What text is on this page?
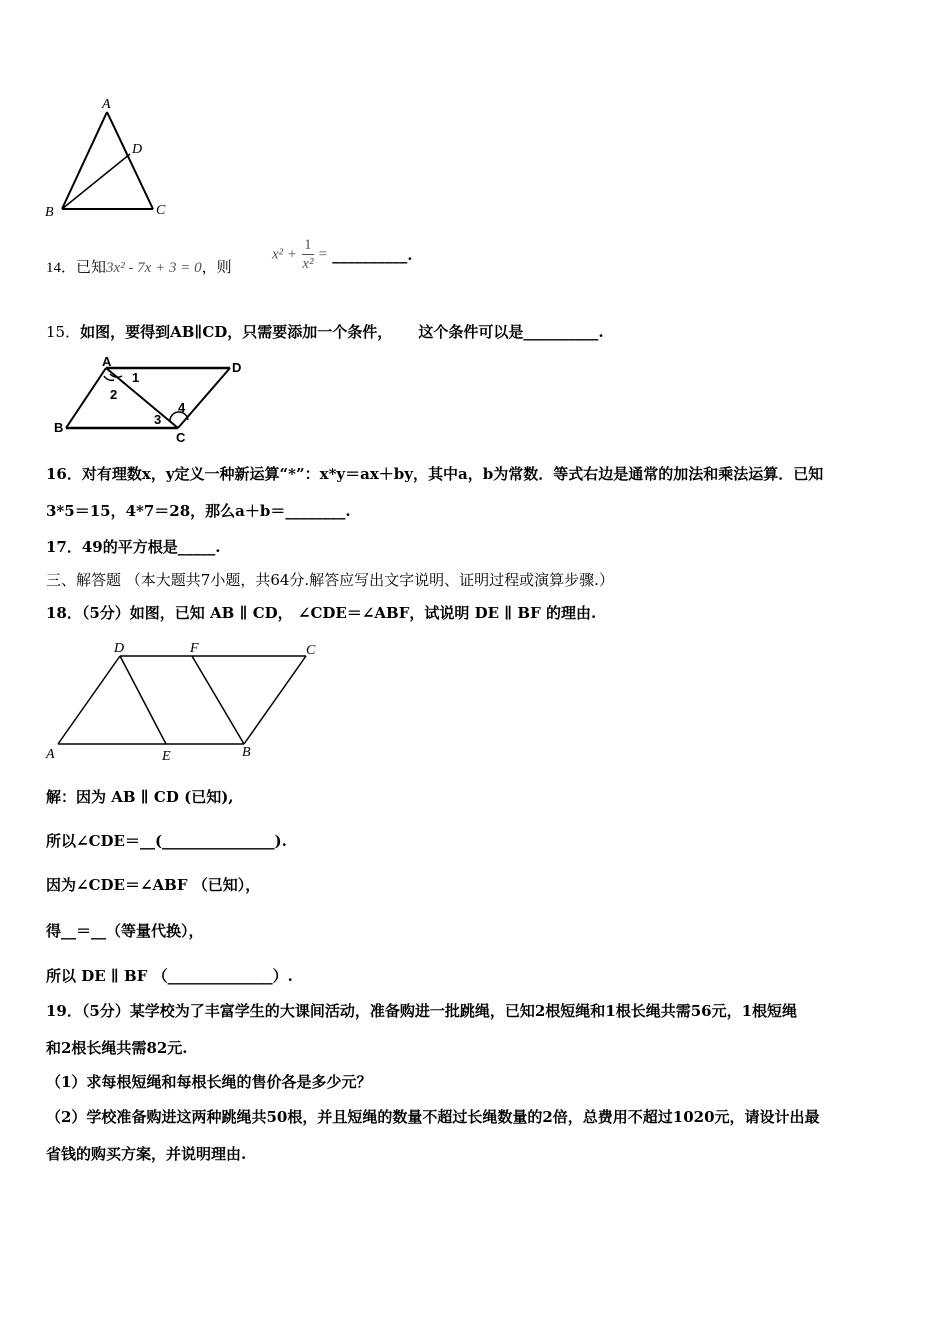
A
D
B	C
14．已知3x² - 7x + 3 = 0，则
$x^2 + \frac{1}{\text{x²}}$ = __________.
15．如图，要得到AB∥CD，只需要添加一个条件， 这个条件可以是__________.
A	D
1
2
4
3
B
C
16．对有理数x，y定义一种新运算“*”：x*y＝ax＋by，其中a，b为常数．等式右边是通常的加法和乘法运算．已知
3*5＝15，4*7＝28，那么a＋b＝________.
17．49的平方根是_____.
三、解答题 （本大题共7小题，共64分.解答应写出文字说明、证明过程或演算步骤.）
18．（5分）如图，已知 AB ∥ CD， ∠CDE＝∠ABF，试说明 DE ∥ BF 的理由.
D	F	C
A	E	B
解：因为 AB ∥ CD (已知),
所以∠CDE＝__(_______________).
因为∠CDE＝∠ABF （已知），
得__＝__（等量代换），
所以 DE ∥ BF （______________）.
19．（5分）某学校为了丰富学生的大课间活动，准备购进一批跳绳，已知2根短绳和1根长绳共需56元，1根短绳
和2根长绳共需82元.
（1）求每根短绳和每根长绳的售价各是多少元？
（2）学校准备购进这两种跳绳共50根，并且短绳的数量不超过长绳数量的2倍，总费用不超过1020元，请设计出最
省钱的购买方案，并说明理由.
